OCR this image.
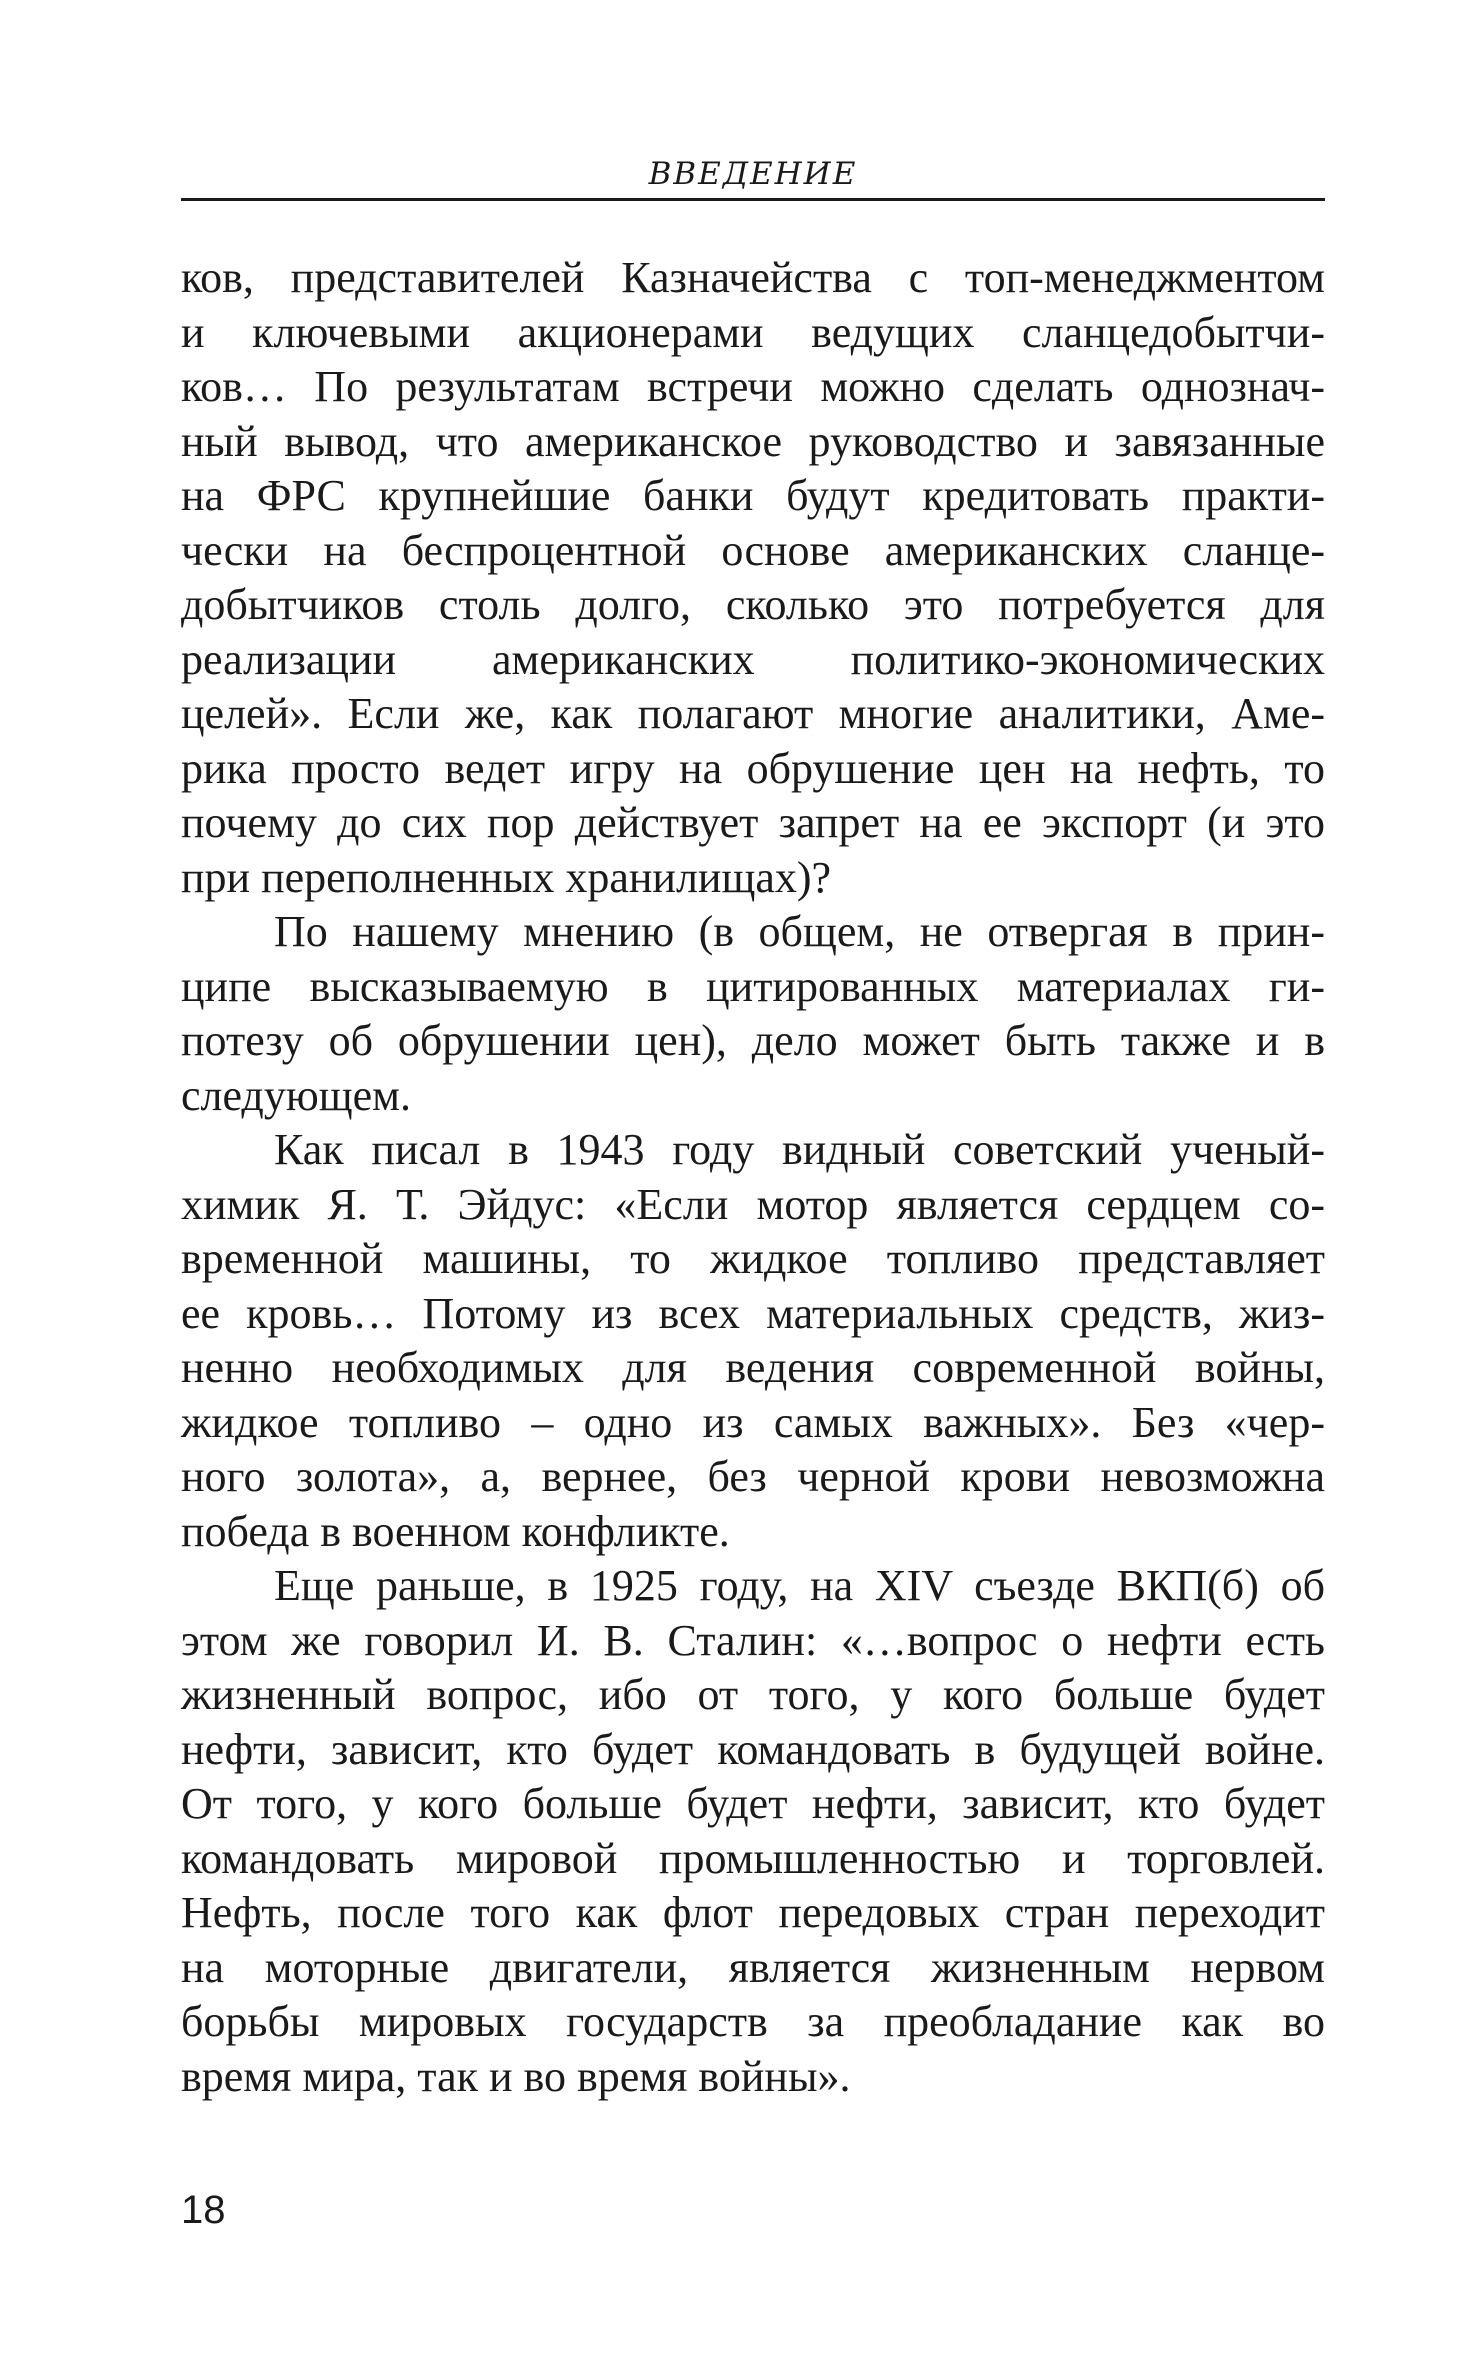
ВВЕДЕНИЕ
ков, представителей Казначейства с топ-менеджментом
и ключевыми акционерами ведущих сланцедобытчи-
ков… По результатам встречи можно сделать однознач-
ный вывод, что американское руководство и завязанные
на ФРС крупнейшие банки будут кредитовать практи-
чески на беспроцентной основе американских сланце-
добытчиков столь долго, сколько это потребуется для
реализации американских политико-экономических
целей». Если же, как полагают многие аналитики, Аме-
рика просто ведет игру на обрушение цен на нефть, то
почему до сих пор действует запрет на ее экспорт (и это
при переполненных хранилищах)?
По нашему мнению (в общем, не отвергая в прин-
ципе высказываемую в цитированных материалах ги-
потезу об обрушении цен), дело может быть также и в
следующем.
Как писал в 1943 году видный советский ученый-
химик Я. Т. Эйдус: «Если мотор является сердцем со-
временной машины, то жидкое топливо представляет
ее кровь… Потому из всех материальных средств, жиз-
ненно необходимых для ведения современной войны,
жидкое топливо – одно из самых важных». Без «чер-
ного золота», а, вернее, без черной крови невозможна
победа в военном конфликте.
Еще раньше, в 1925 году, на XIV съезде ВКП(б) об
этом же говорил И. В. Сталин: «…вопрос о нефти есть
жизненный вопрос, ибо от того, у кого больше будет
нефти, зависит, кто будет командовать в будущей войне.
От того, у кого больше будет нефти, зависит, кто будет
командовать мировой промышленностью и торговлей.
Нефть, после того как флот передовых стран переходит
на моторные двигатели, является жизненным нервом
борьбы мировых государств за преобладание как во
время мира, так и во время войны».
18
